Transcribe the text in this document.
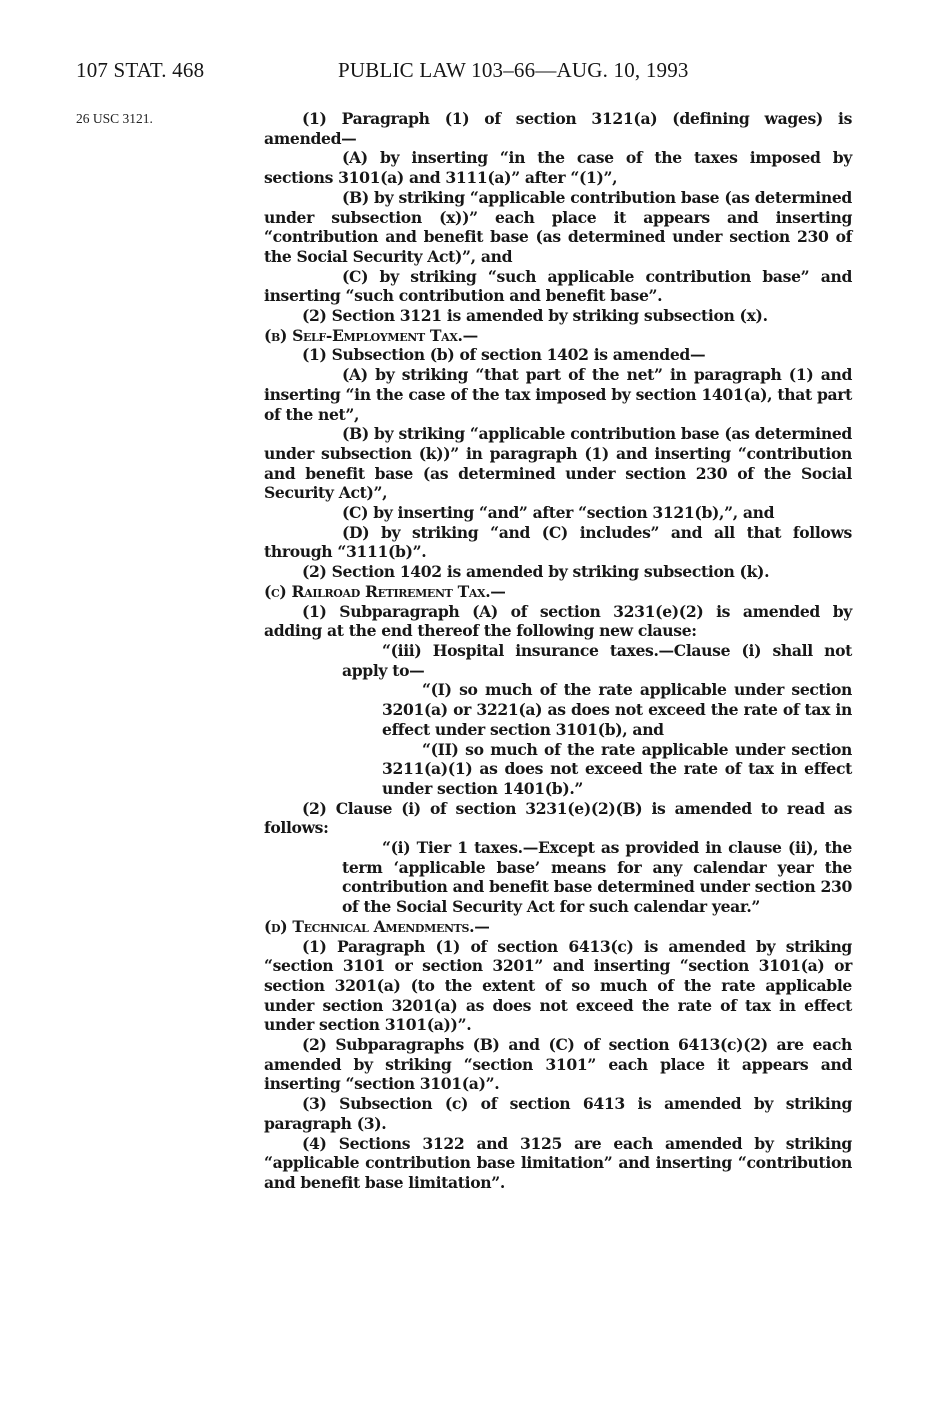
107 STAT. 468	PUBLIC LAW 103–66—AUG. 10, 1993
26 USC 3121.	(1) Paragraph (1) of section 3121(a) (defining wages) is amended—

(A) by inserting “in the case of the taxes imposed by sections 3101(a) and 3111(a)” after “(1)”,

(B) by striking “applicable contribution base (as determined under subsection (x))” each place it appears and inserting “contribution and benefit base (as determined under section 230 of the Social Security Act)”, and

(C) by striking “such applicable contribution base” and inserting “such contribution and benefit base”.

(2) Section 3121 is amended by striking subsection (x).

(b) Self-Employment Tax.—

(1) Subsection (b) of section 1402 is amended—

(A) by striking “that part of the net” in paragraph (1) and inserting “in the case of the tax imposed by section 1401(a), that part of the net”,

(B) by striking “applicable contribution base (as determined under subsection (k))” in paragraph (1) and inserting “contribution and benefit base (as determined under section 230 of the Social Security Act)”,

(C) by inserting “and” after “section 3121(b),”, and

(D) by striking “and (C) includes” and all that follows through “3111(b)”.

(2) Section 1402 is amended by striking subsection (k).

(c) Railroad Retirement Tax.—

(1) Subparagraph (A) of section 3231(e)(2) is amended by adding at the end thereof the following new clause:

“(iii) Hospital insurance taxes.—Clause (i) shall not apply to—

“(I) so much of the rate applicable under section 3201(a) or 3221(a) as does not exceed the rate of tax in effect under section 3101(b), and

“(II) so much of the rate applicable under section 3211(a)(1) as does not exceed the rate of tax in effect under section 1401(b).”

(2) Clause (i) of section 3231(e)(2)(B) is amended to read as follows:

“(i) Tier 1 taxes.—Except as provided in clause (ii), the term ‘applicable base’ means for any calendar year the contribution and benefit base determined under section 230 of the Social Security Act for such calendar year.”

(d) Technical Amendments.—

(1) Paragraph (1) of section 6413(c) is amended by striking “section 3101 or section 3201” and inserting “section 3101(a) or section 3201(a) (to the extent of so much of the rate applicable under section 3201(a) as does not exceed the rate of tax in effect under section 3101(a))”.

(2) Subparagraphs (B) and (C) of section 6413(c)(2) are each amended by striking “section 3101” each place it appears and inserting “section 3101(a)”.

(3) Subsection (c) of section 6413 is amended by striking paragraph (3).

(4) Sections 3122 and 3125 are each amended by striking “applicable contribution base limitation” and inserting “contribution and benefit base limitation”.
